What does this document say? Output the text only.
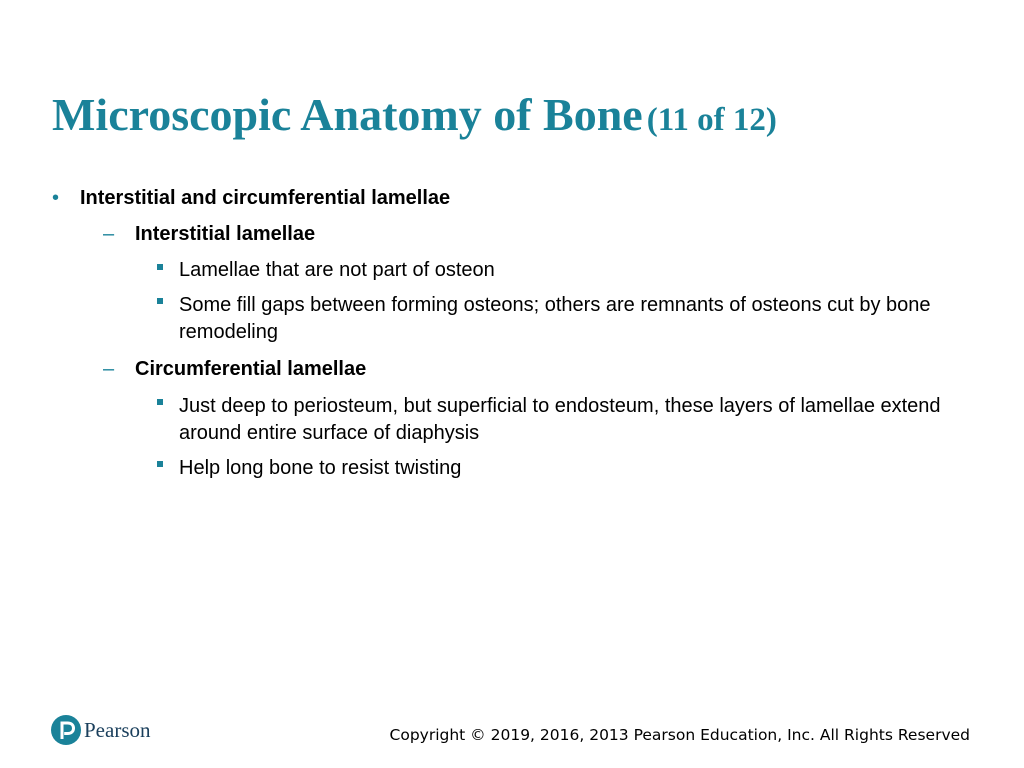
Microscopic Anatomy of Bone (11 of 12)
• Interstitial and circumferential lamellae
– Interstitial lamellae
Lamellae that are not part of osteon
Some fill gaps between forming osteons; others are remnants of osteons cut by bone remodeling
– Circumferential lamellae
Just deep to periosteum, but superficial to endosteum, these layers of lamellae extend around entire surface of diaphysis
Help long bone to resist twisting
Pearson	Copyright © 2019, 2016, 2013 Pearson Education, Inc. All Rights Reserved
